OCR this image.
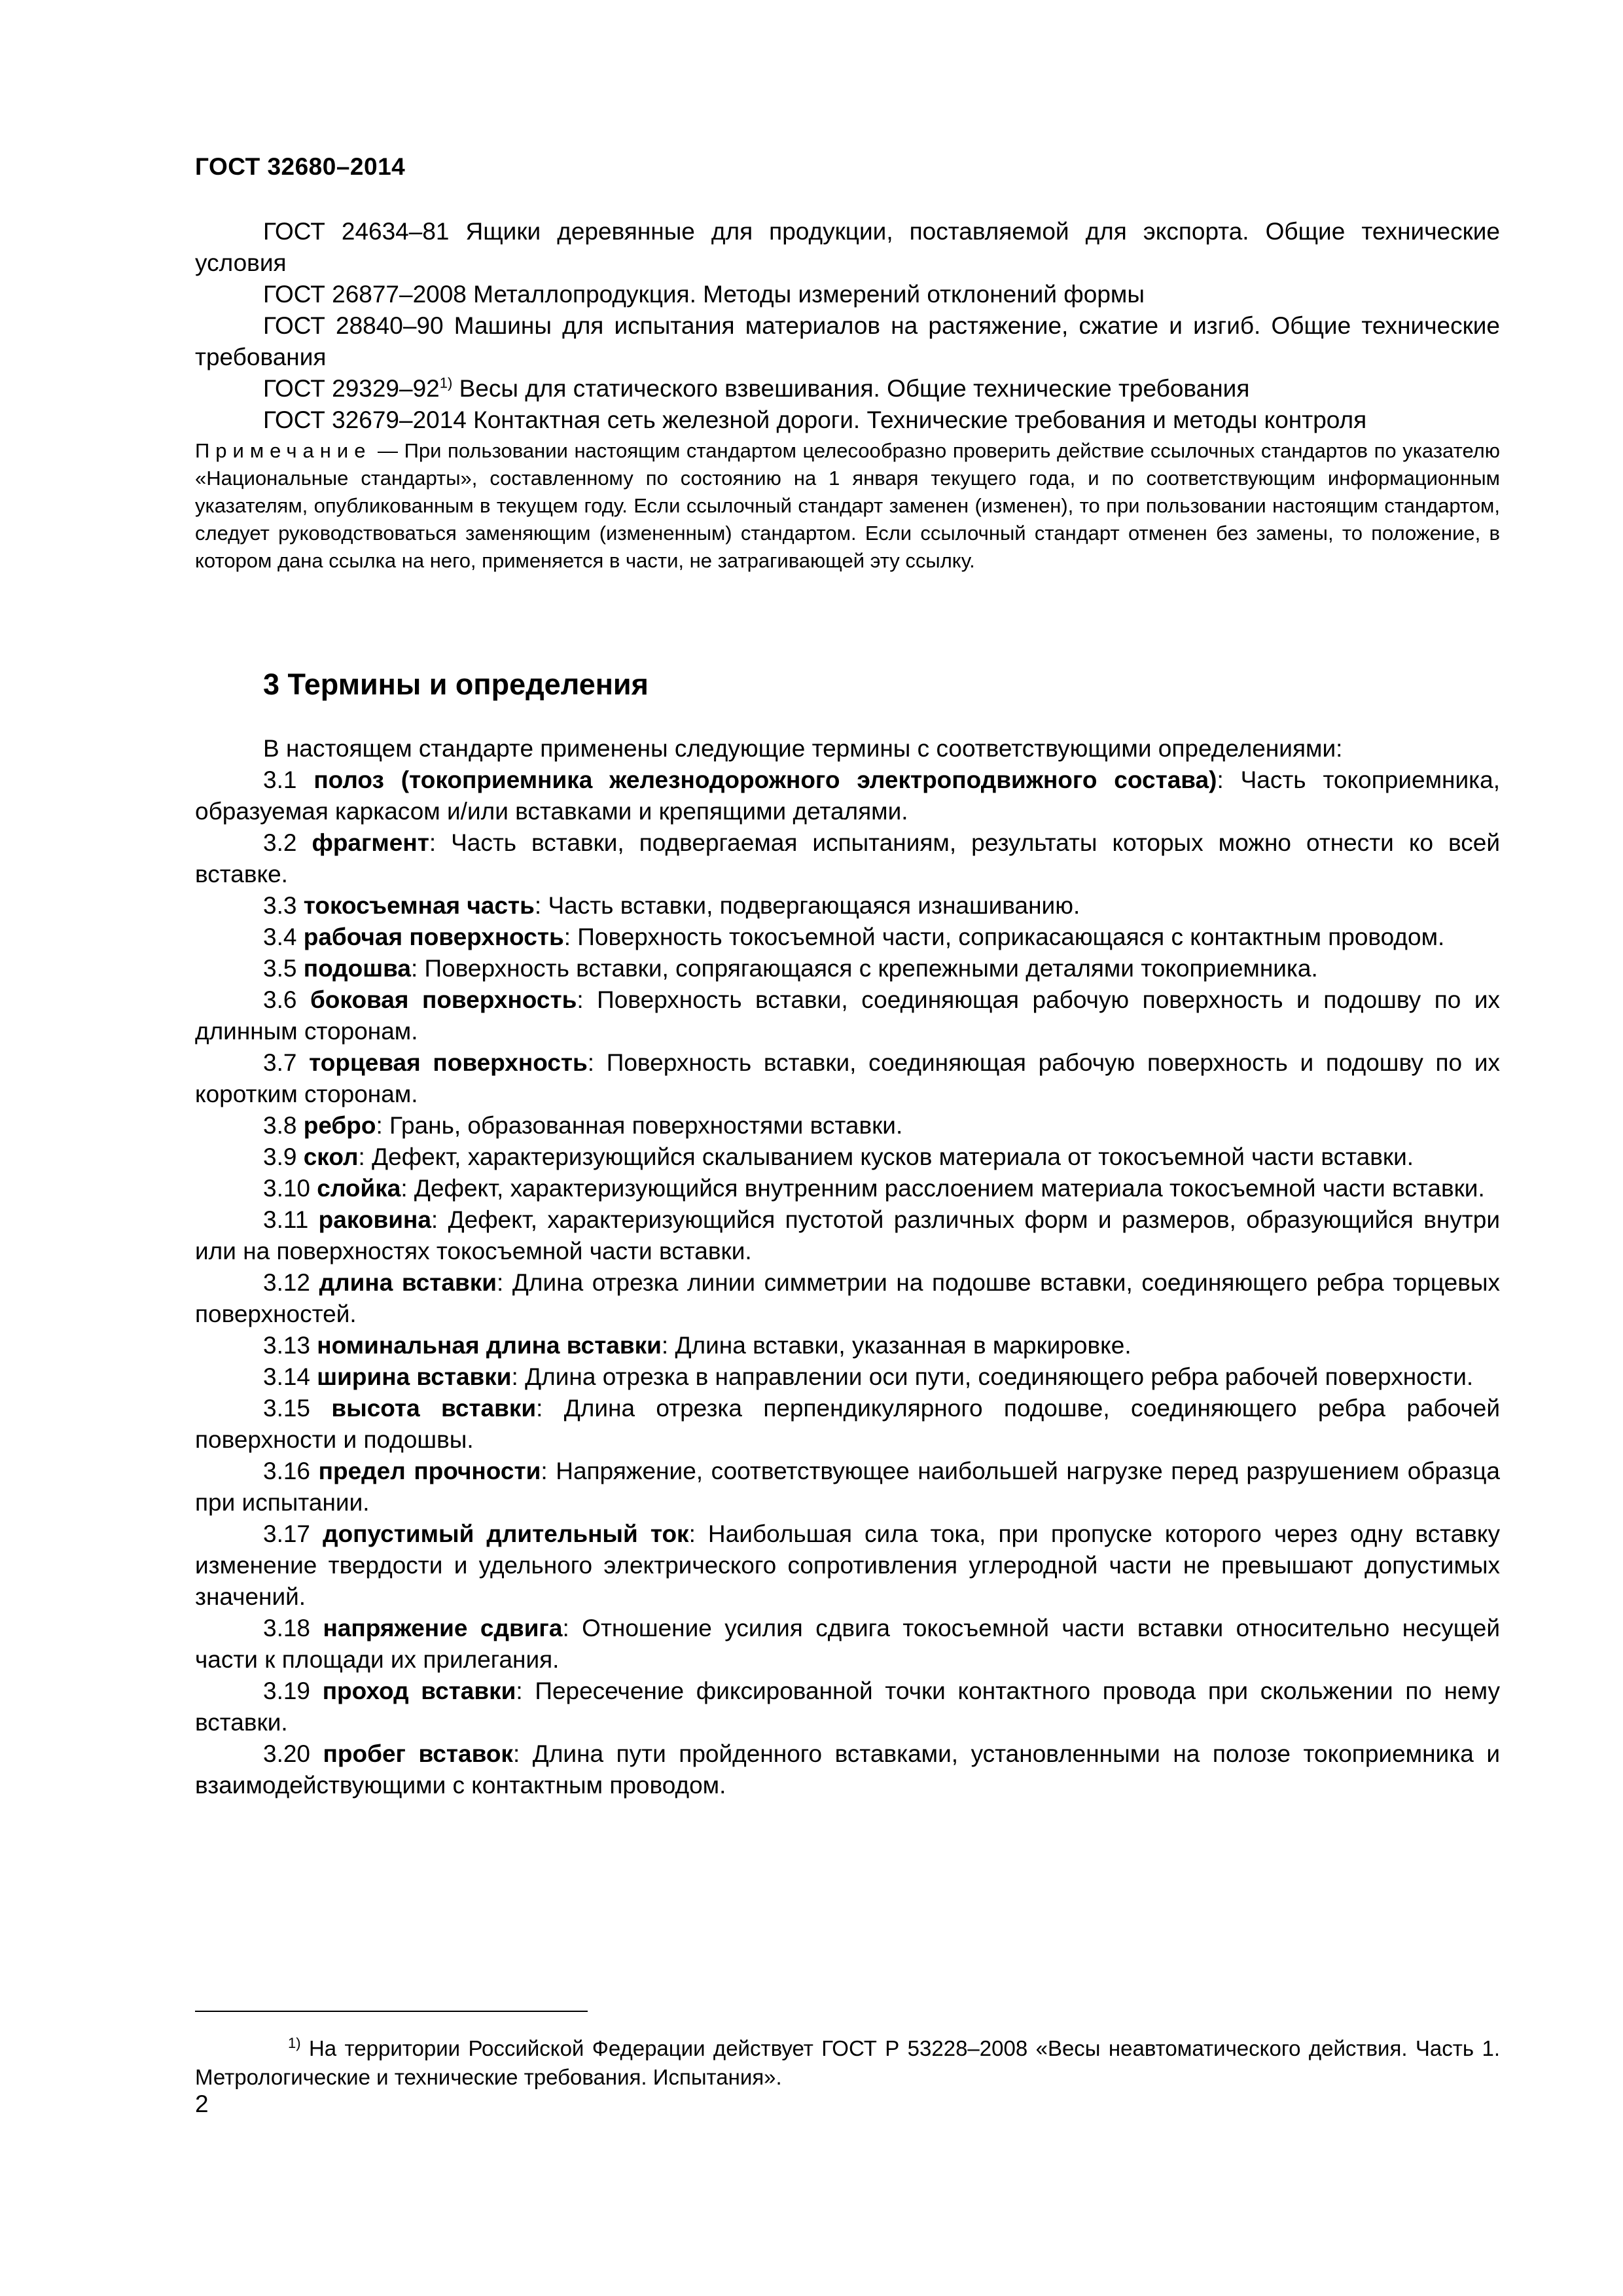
ГОСТ 32680–2014

ГОСТ 24634–81 Ящики деревянные для продукции, поставляемой для экспорта. Общие технические условия

ГОСТ 26877–2008 Металлопродукция. Методы измерений отклонений формы

ГОСТ 28840–90 Машины для испытания материалов на растяжение, сжатие и изгиб. Общие технические требования

ГОСТ 29329–92$^{1)}$ Весы для статического взвешивания. Общие технические требования

ГОСТ 32679–2014 Контактная сеть железной дороги. Технические требования и методы контроля

Примечание — При пользовании настоящим стандартом целесообразно проверить действие ссылочных стандартов по указателю «Национальные стандарты», составленному по состоянию на 1 января текущего года, и по соответствующим информационным указателям, опубликованным в текущем году. Если ссылочный стандарт заменен (изменен), то при пользовании настоящим стандартом, следует руководствоваться заменяющим (измененным) стандартом. Если ссылочный стандарт отменен без замены, то положение, в котором дана ссылка на него, применяется в части, не затрагивающей эту ссылку.

3 Термины и определения

В настоящем стандарте применены следующие термины с соответствующими определениями:

3.1 полоз (токоприемника железнодорожного электроподвижного состава): Часть токоприемника, образуемая каркасом и/или вставками и крепящими деталями.

3.2 фрагмент: Часть вставки, подвергаемая испытаниям, результаты которых можно отнести ко всей вставке.

3.3 токосъемная часть: Часть вставки, подвергающаяся изнашиванию.

3.4 рабочая поверхность: Поверхность токосъемной части, соприкасающаяся с контактным проводом.

3.5 подошва: Поверхность вставки, сопрягающаяся с крепежными деталями токоприемника.

3.6 боковая поверхность: Поверхность вставки, соединяющая рабочую поверхность и подошву по их длинным сторонам.

3.7 торцевая поверхность: Поверхность вставки, соединяющая рабочую поверхность и подошву по их коротким сторонам.

3.8 ребро: Грань, образованная поверхностями вставки.

3.9 скол: Дефект, характеризующийся скалыванием кусков материала от токосъемной части вставки.

3.10 слойка: Дефект, характеризующийся внутренним расслоением материала токосъемной части вставки.

3.11 раковина: Дефект, характеризующийся пустотой различных форм и размеров, образующийся внутри или на поверхностях токосъемной части вставки.

3.12 длина вставки: Длина отрезка линии симметрии на подошве вставки, соединяющего ребра торцевых поверхностей.

3.13 номинальная длина вставки: Длина вставки, указанная в маркировке.

3.14 ширина вставки: Длина отрезка в направлении оси пути, соединяющего ребра рабочей поверхности.

3.15 высота вставки: Длина отрезка перпендикулярного подошве, соединяющего ребра рабочей поверхности и подошвы.

3.16 предел прочности: Напряжение, соответствующее наибольшей нагрузке перед разрушением образца при испытании.

3.17 допустимый длительный ток: Наибольшая сила тока, при пропуске которого через одну вставку изменение твердости и удельного электрического сопротивления углеродной части не превышают допустимых значений.

3.18 напряжение сдвига: Отношение усилия сдвига токосъемной части вставки относительно несущей части к площади их прилегания.

3.19 проход вставки: Пересечение фиксированной точки контактного провода при скольжении по нему вставки.

3.20 пробег вставок: Длина пути пройденного вставками, установленными на полозе токоприемника и взаимодействующими с контактным проводом.

$^{1)}$ На территории Российской Федерации действует ГОСТ Р 53228–2008 «Весы неавтоматического действия. Часть 1. Метрологические и технические требования. Испытания».
2
